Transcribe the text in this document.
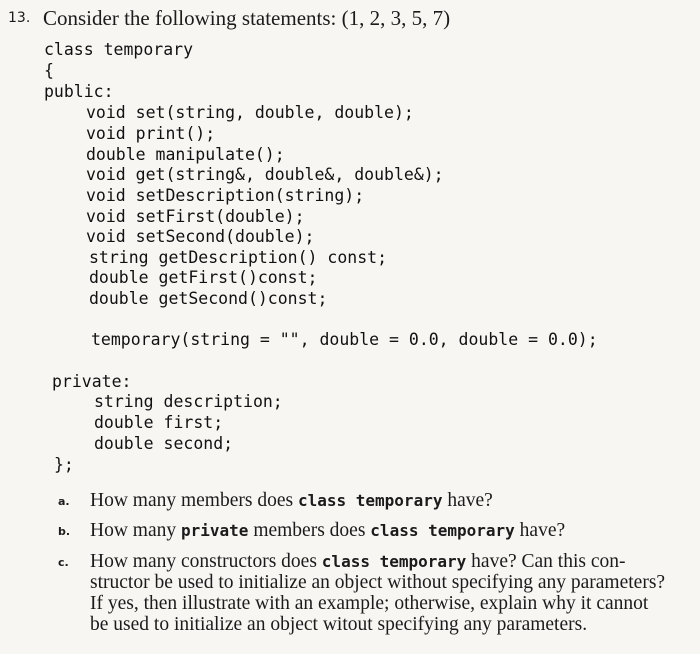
13. Consider the following statements: (1, 2, 3, 5, 7)
class temporary
{
public:
void set(string, double, double);
void print();
double manipulate();
void get(string&, double&, double&);
void setDescription(string);
void setFirst(double);
void setSecond(double);
string getDescription() const;
double getFirst()const;
double getSecond()const;
temporary(string = "", double = 0.0, double = 0.0);
private:
string description;
double first;
double second;
};
a. How many members does class temporary have?
b. How many private members does class temporary have?
c. How many constructors does class temporary have? Can this con-
structor be used to initialize an object without specifying any parameters?
If yes, then illustrate with an example; otherwise, explain why it cannot
be used to initialize an object witout specifying any parameters.
